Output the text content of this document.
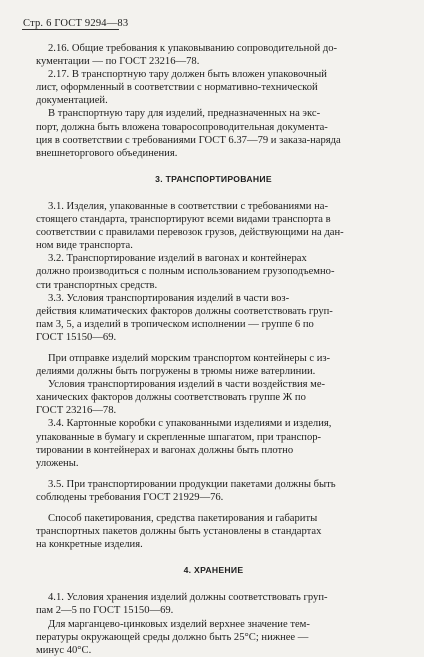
Стр. 6 ГОСТ 9294—83
2.16. Общие требования к упаковыванию сопроводительной до-
кументации — по ГОСТ 23216—78.
2.17. В транспортную тару должен быть вложен упаковочный
лист, оформленный в соответствии с нормативно-технической
документацией.
В транспортную тару для изделий, предназначенных на экс-
порт, должна быть вложена товаросопроводительная документа-
ция в соответствии с требованиями ГОСТ 6.37—79 и заказа-наряда
внешнеторгового объединения.
3. ТРАНСПОРТИРОВАНИЕ
3.1. Изделия, упакованные в соответствии с требованиями на-
стоящего стандарта, транспортируют всеми видами транспорта в
соответствии с правилами перевозок грузов, действующими на дан-
ном виде транспорта.
3.2. Транспортирование изделий в вагонах и контейнерах
должно производиться с полным использованием грузоподъемно-
сти транспортных средств.
3.3. Условия транспортирования изделий в части воз-
действия климатических факторов должны соответствовать груп-
пам 3, 5, а изделий в тропическом исполнении — группе 6 по
ГОСТ 15150—69.
При отправке изделий морским транспортом контейнеры с из-
делиями должны быть погружены в трюмы ниже ватерлинии.
Условия транспортирования изделий в части воздействия ме-
ханических факторов должны соответствовать группе Ж по
ГОСТ 23216—78.
3.4. Картонные коробки с упакованными изделиями и изделия,
упакованные в бумагу и скрепленные шпагатом, при транспор-
тировании в контейнерах и вагонах должны быть плотно
уложены.
3.5. При транспортировании продукции пакетами должны быть
соблюдены требования ГОСТ 21929—76.
Способ пакетирования, средства пакетирования и габариты
транспортных пакетов должны быть установлены в стандартах
на конкретные изделия.
4. ХРАНЕНИЕ
4.1. Условия хранения изделий должны соответствовать груп-
пам 2—5 по ГОСТ 15150—69.
Для марганцево-цинковых изделий верхнее значение тем-
пературы окружающей среды должно быть 25°С; нижнее —
минус 40°С.
